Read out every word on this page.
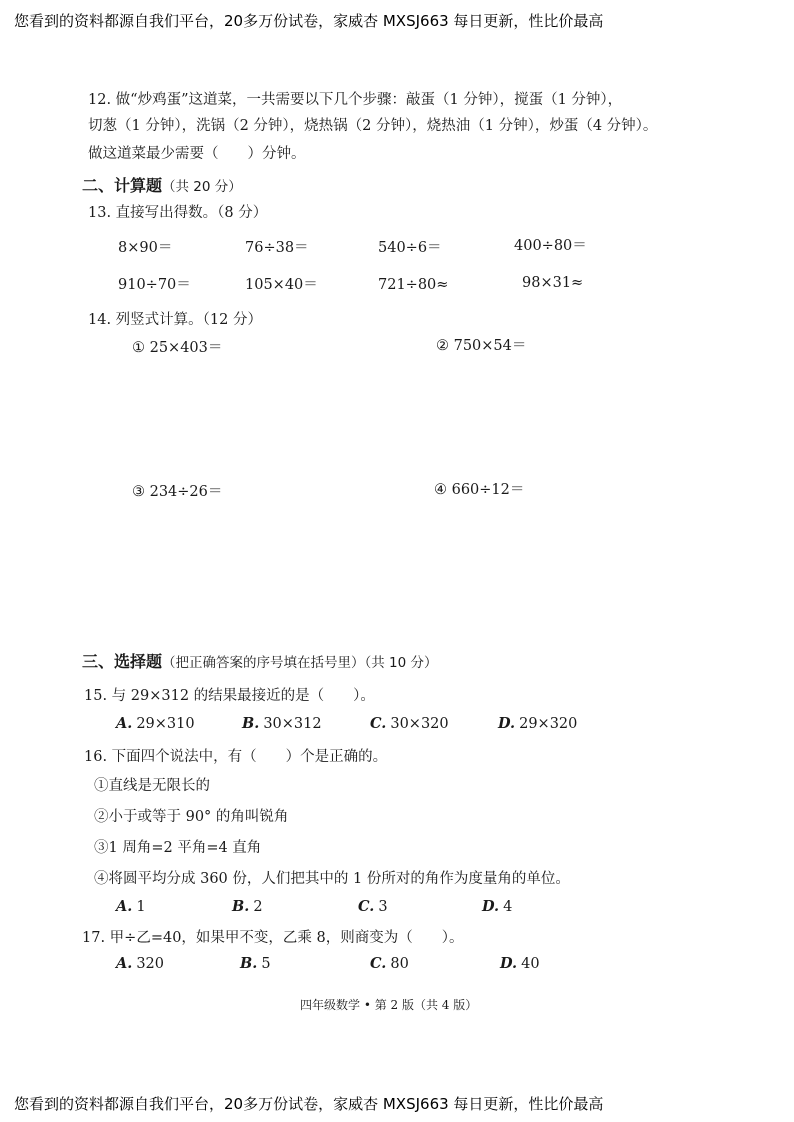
您看到的资料都源自我们平台，20多万份试卷，家威杏 MXSJ663 每日更新，性比价最高
12. 做“炒鸡蛋”这道菜，一共需要以下几个步骤：敲蛋（1 分钟），搅蛋（1 分钟），
切葱（1 分钟），洗锅（2 分钟），烧热锅（2 分钟），烧热油（1 分钟），炒蛋（4 分钟）。
做这道菜最少需要（　　）分钟。
二、计算题（共 20 分）
13. 直接写出得数。（8 分）
8×90＝	76÷38＝	540÷6＝	400÷80＝
910÷70＝	105×40＝	721÷80≈	98×31≈
14. 列竖式计算。（12 分）
① 25×403＝	② 750×54＝
③ 234÷26＝	④ 660÷12＝
三、选择题（把正确答案的序号填在括号里）（共 10 分）
15. 与 29×312 的结果最接近的是（　　）。
A. 29×310	B. 30×312	C. 30×320	D. 29×320
16. 下面四个说法中，有（　　）个是正确的。
①直线是无限长的
②小于或等于 90° 的角叫锐角
③1 周角=2 平角=4 直角
④将圆平均分成 360 份，人们把其中的 1 份所对的角作为度量角的单位。
A. 1	B. 2	C. 3	D. 4
17. 甲÷乙=40，如果甲不变，乙乘 8，则商变为（　　）。
A. 320	B. 5	C. 80	D. 40
四年级数学 • 第 2 版（共 4 版）
您看到的资料都源自我们平台，20多万份试卷，家威杏 MXSJ663 每日更新，性比价最高
